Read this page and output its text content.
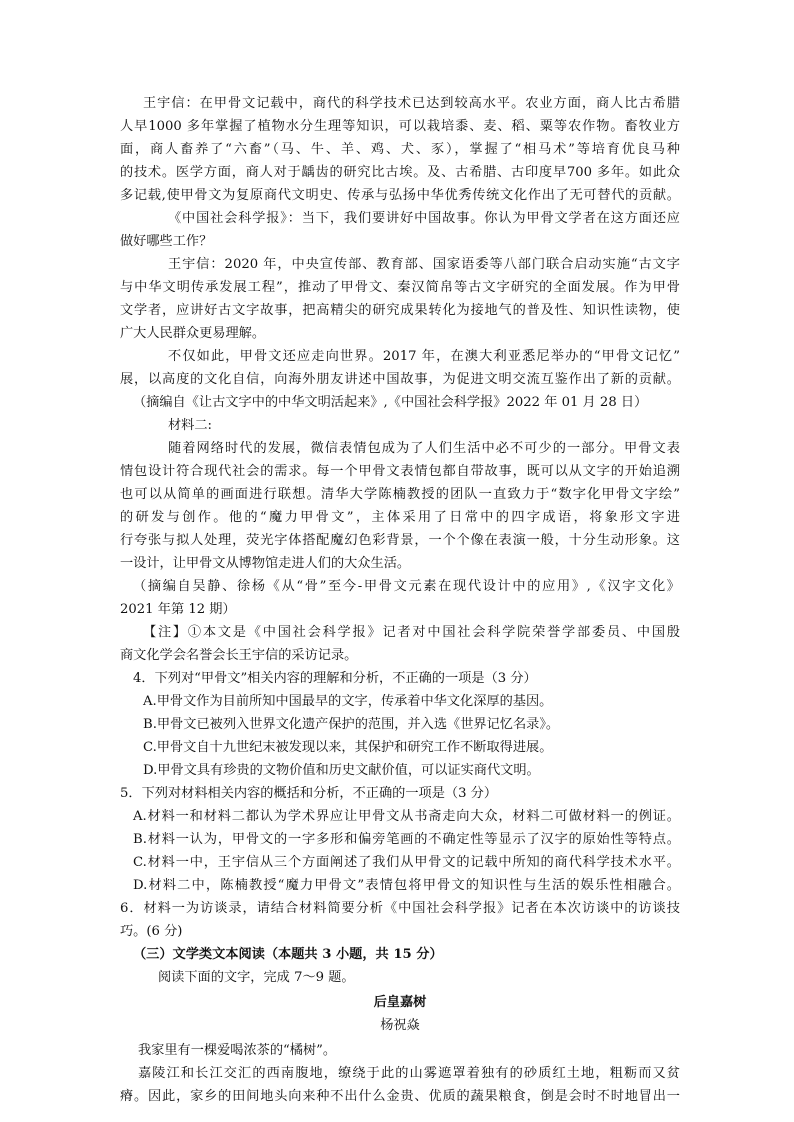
王宇信：在甲骨文记载中，商代的科学技术已达到较高水平。农业方面，商人比古希腊
人早1000 多年掌握了植物水分生理等知识，可以栽培黍、麦、稻、粟等农作物。畜牧业方
面，商人畜养了“六畜”（马、牛、羊、鸡、犬、豕），掌握了“相马术”等培育优良马种
的技术。医学方面，商人对于龋齿的研究比古埃。及、古希腊、古印度早700 多年。如此众
多记载,使甲骨文为复原商代文明史、传承与弘扬中华优秀传统文化作出了无可替代的贡献。
《中国社会科学报》：当下，我们要讲好中国故事。你认为甲骨文学者在这方面还应
做好哪些工作？
王宇信：2020 年，中央宣传部、教育部、国家语委等八部门联合启动实施“古文字
与中华文明传承发展工程”，推动了甲骨文、秦汉简帛等古文字研究的全面发展。作为甲骨
文学者，应讲好古文字故事，把高精尖的研究成果转化为接地气的普及性、知识性读物，使
广大人民群众更易理解。
不仅如此，甲骨文还应走向世界。2017 年，在澳大利亚悉尼举办的“甲骨文记忆”
展，以高度的文化自信，向海外朋友讲述中国故事，为促进文明交流互鉴作出了新的贡献。
（摘编自《让古文字中的中华文明活起来》,《中国社会科学报》2022 年 01 月 28 日）
材料二:
随着网络时代的发展，微信表情包成为了人们生活中必不可少的一部分。甲骨文表
情包设计符合现代社会的需求。每一个甲骨文表情包都自带故事，既可以从文字的开始追溯
也可以从简单的画面进行联想。清华大学陈楠教授的团队一直致力于“数字化甲骨文字绘”
的研发与创作。他的“魔力甲骨文”，主体采用了日常中的四字成语，将象形文字进
行夸张与拟人处理，荧光字体搭配魔幻色彩背景，一个个像在表演一般，十分生动形象。这
一设计，让甲骨文从博物馆走进人们的大众生活。
（摘编自吴静、徐杨《从“骨”至今-甲骨文元素在现代设计中的应用》,《汉字文化》
2021 年第 12 期）
【注】①本文是《中国社会科学报》记者对中国社会科学院荣誉学部委员、中国殷
商文化学会名誉会长王宇信的采访记录。
4．下列对“甲骨文”相关内容的理解和分析，不正确的一项是（3 分）
A.甲骨文作为目前所知中国最早的文字，传承着中华文化深厚的基因。
B.甲骨文已被列入世界文化遗产保护的范围，并入选《世界记忆名录》。
C.甲骨文自十九世纪末被发现以来，其保护和研究工作不断取得进展。
D.甲骨文具有珍贵的文物价值和历史文献价值，可以证实商代文明。
5．下列对材料相关内容的概括和分析，不正确的一项是（3 分）
A.材料一和材料二都认为学术界应让甲骨文从书斋走向大众，材料二可做材料一的例证。
B.材料一认为，甲骨文的一字多形和偏旁笔画的不确定性等显示了汉字的原始性等特点。
C.材料一中，王宇信从三个方面阐述了我们从甲骨文的记载中所知的商代科学技术水平。
D.材料二中，陈楠教授“魔力甲骨文”表情包将甲骨文的知识性与生活的娱乐性相融合。
6．材料一为访谈录，请结合材料简要分析《中国社会科学报》记者在本次访谈中的访谈技
巧。(6 分)
（三）文学类文本阅读（本题共 3 小题，共 15 分）
阅读下面的文字，完成 7～9 题。
后皇嘉树
杨祝焱
我家里有一棵爱喝浓茶的“橘树”。
嘉陵江和长江交汇的西南腹地，缭绕于此的山雾遮罩着独有的砂质红土地，粗粝而又贫
瘠。因此，家乡的田间地头向来种不出什么金贵、优质的蔬果粮食，倒是会时不时地冒出一
